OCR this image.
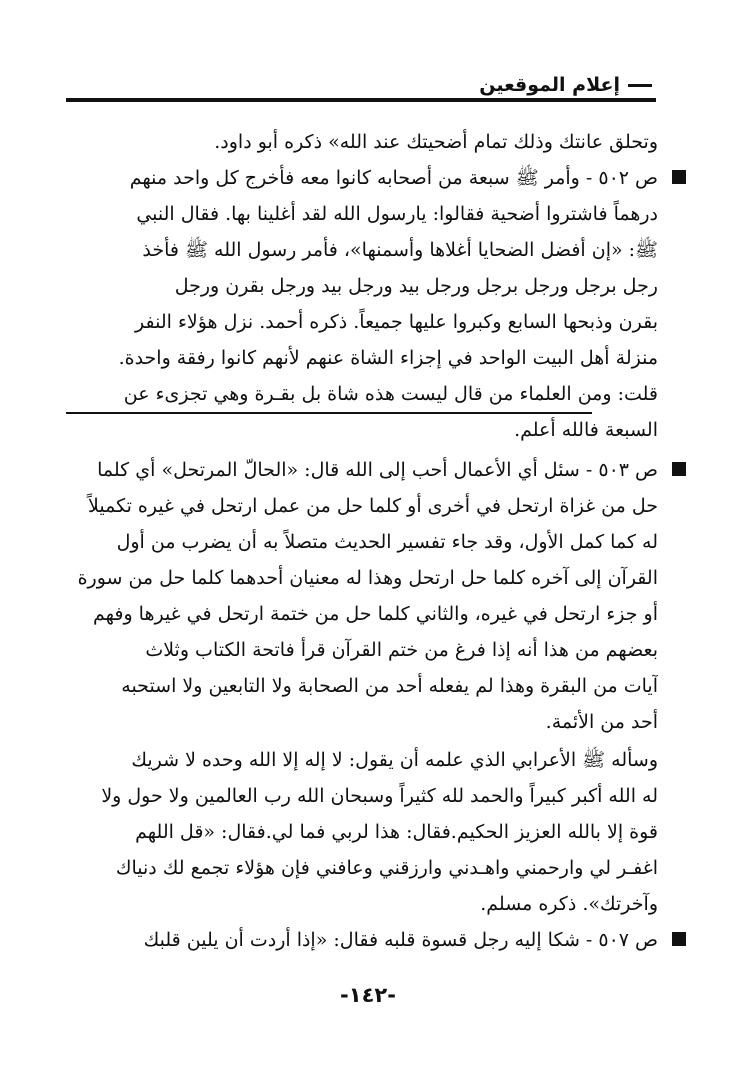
إعلام الموقعين
وتحلق عانتك وذلك تمام أضحيتك عند الله» ذكره أبو داود.
ص ٥٠٢ - وأمر ﷺ سبعة من أصحابه كانوا معه فأخرج كل واحد منهم
درهماً فاشتروا أضحية فقالوا: يارسول الله لقد أغلينا بها. فقال النبي
ﷺ: «إن أفضل الضحايا أغلاها وأسمنها»، فأمر رسول الله ﷺ فأخذ
رجل برجل ورجل برجل ورجل بيد ورجل بيد ورجل بقرن ورجل
بقرن وذبحها السابع وكبروا عليها جميعاً. ذكره أحمد. نزل هؤلاء النفر
منزلة أهل البيت الواحد في إجزاء الشاة عنهم لأنهم كانوا رفقة واحدة.
قلت: ومن العلماء من قال ليست هذه شاة بل بقـرة وهي تجزىء عن
السبعة فالله أعلم.
ص ٥٠٣ - سئل أي الأعمال أحب إلى الله قال: «الحالّ المرتحل» أي كلما
حل من غزاة ارتحل في أخرى أو كلما حل من عمل ارتحل في غيره تكميلاً
له كما كمل الأول، وقد جاء تفسير الحديث متصلاً به أن يضرب من أول
القرآن إلى آخره كلما حل ارتحل وهذا له معنيان أحدهما كلما حل من سورة
أو جزء ارتحل في غيره، والثاني كلما حل من ختمة ارتحل في غيرها وفهم
بعضهم من هذا أنه إذا فرغ من ختم القرآن قرأ فاتحة الكتاب وثلاث
آيات من البقرة وهذا لم يفعله أحد من الصحابة ولا التابعين ولا استحبه
أحد من الأئمة.
وسأله ﷺ الأعرابي الذي علمه أن يقول: لا إله إلا الله وحده لا شريك
له الله أكبر كبيراً والحمد لله كثيراً وسبحان الله رب العالمين ولا حول ولا
قوة إلا بالله العزيز الحكيم.فقال: هذا لربي فما لي.فقال: «قل اللهم
اغفـر لي وارحمني واهـدني وارزقني وعافني فإن هؤلاء تجمع لك دنياك
وآخرتك». ذكره مسلم.
ص ٥٠٧ - شكا إليه رجل قسوة قلبه فقال: «إذا أردت أن يلين قلبك
-١٤٢-
